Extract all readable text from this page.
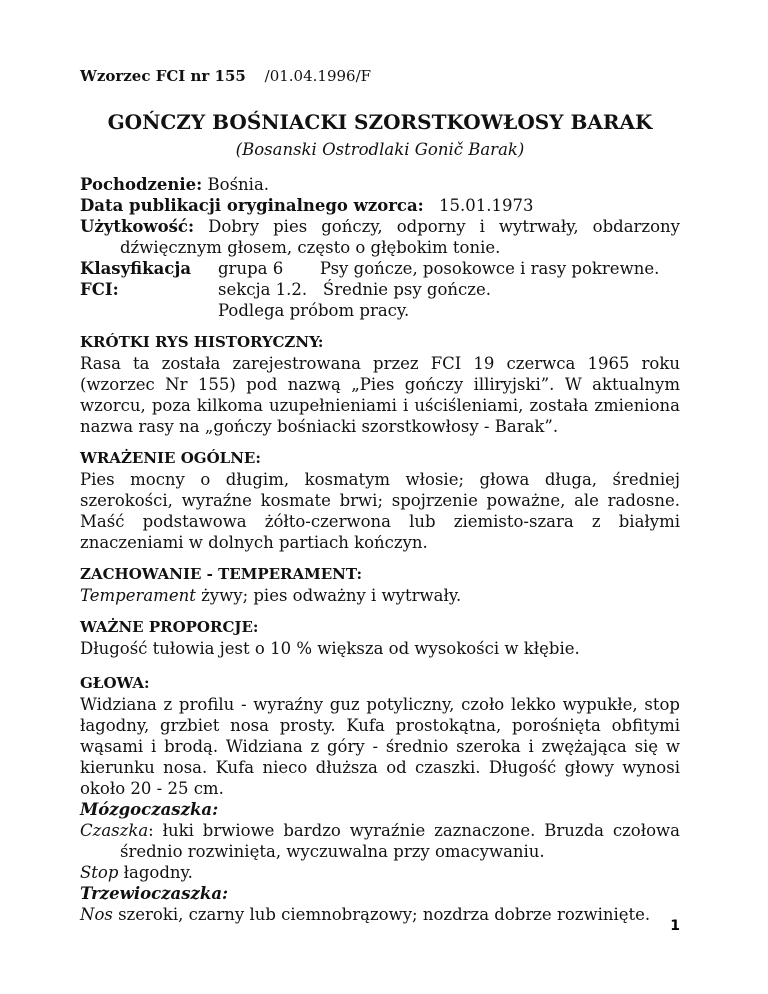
Wzorzec FCI nr 155 /01.04.1996/F
GOŃCZY BOŚNIACKI SZORSTKOWŁOSY BARAK
(Bosanski Ostrodlaki Gonič Barak)
Pochodzenie: Bośnia.
Data publikacji oryginalnego wzorca: 15.01.1973
Użytkowość: Dobry pies gończy, odporny i wytrwały, obdarzony dźwięcznym głosem, często o głębokim tonie.
Klasyfikacja FCI:
grupa 6       Psy gończe, posokowce i rasy pokrewne.
sekcja 1.2.   Średnie psy gończe.
Podlega próbom pracy.
KRÓTKI RYS HISTORYCZNY:
Rasa ta została zarejestrowana przez FCI 19 czerwca 1965 roku (wzorzec Nr 155) pod nazwą „Pies gończy illiryjski”. W aktualnym wzorcu, poza kilkoma uzupełnieniami i uściśleniami, została zmieniona nazwa rasy na „gończy bośniacki szorstkowłosy - Barak”.
WRAŻENIE OGÓLNE:
Pies mocny o długim, kosmatym włosie; głowa długa, średniej szerokości, wyraźne kosmate brwi; spojrzenie poważne, ale radosne. Maść podstawowa żółto-czerwona lub ziemisto-szara z białymi znaczeniami w dolnych partiach kończyn.
ZACHOWANIE - TEMPERAMENT:
Temperament żywy; pies odważny i wytrwały.
WAŻNE PROPORCJE:
Długość tułowia jest o 10 % większa od wysokości w kłębie.
GŁOWA:
Widziana z profilu - wyraźny guz potyliczny, czoło lekko wypukłe, stop łagodny, grzbiet nosa prosty. Kufa prostokątna, porośnięta obfitymi wąsami i brodą. Widziana z góry - średnio szeroka i zwężająca się w kierunku nosa. Kufa nieco dłuższa od czaszki. Długość głowy wynosi około 20 - 25 cm.
Mózgoczaszka:
Czaszka: łuki brwiowe bardzo wyraźnie zaznaczone. Bruzda czołowa średnio rozwinięta, wyczuwalna przy omacywaniu.
Stop łagodny.
Trzewioczaszka:
Nos szeroki, czarny lub ciemnobrązowy; nozdrza dobrze rozwinięte.
1
